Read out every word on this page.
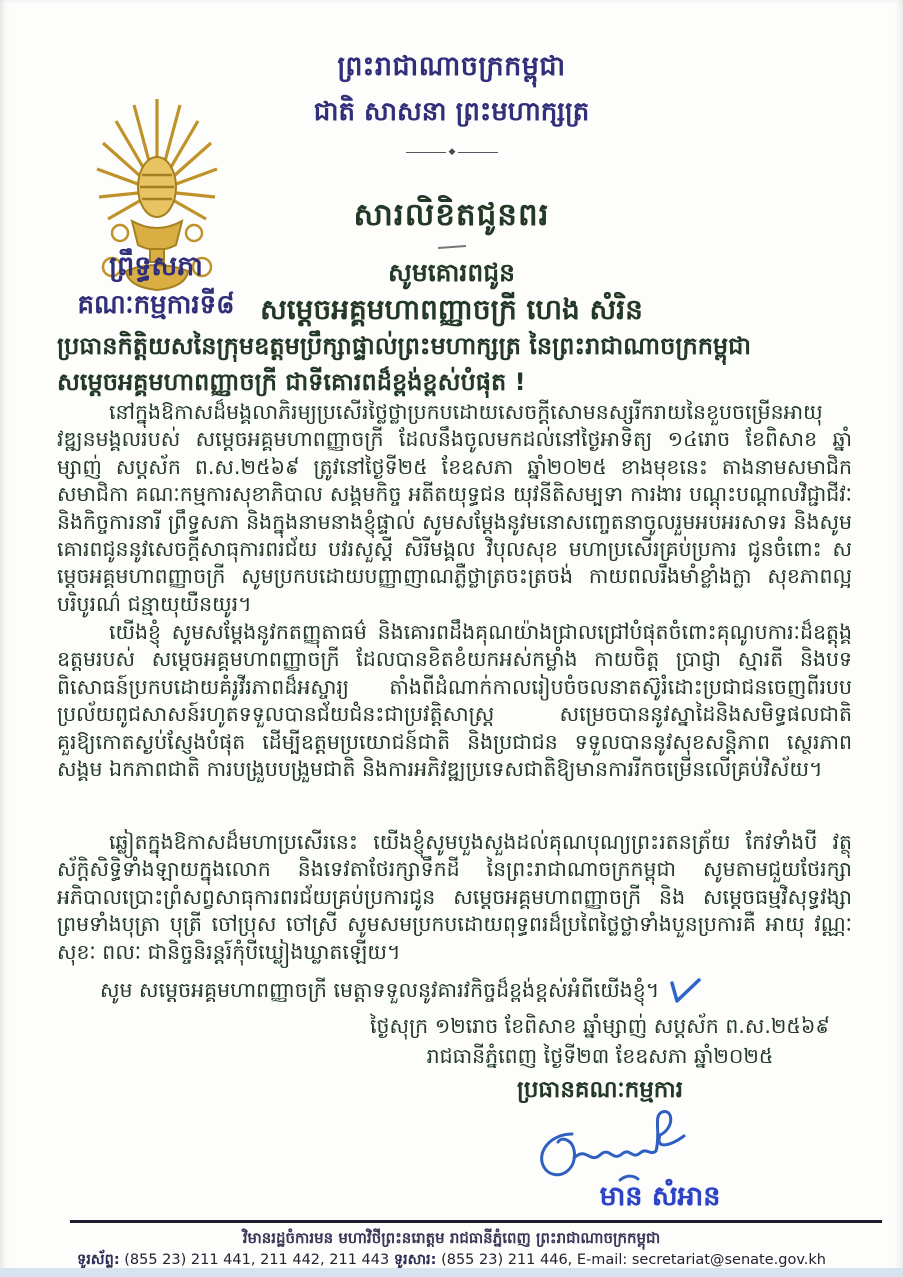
ព្រះរាជាណាចក្រកម្ពុជា
ជាតិ សាសនា ព្រះមហាក្សត្រ
◆
ព្រឹទ្ធសភា
គណៈកម្មការទី៨
សារលិខិតជូនពរ
សូមគោរពជូន
សម្តេចអគ្គមហាពញ្ញាចក្រី ហេង សំរិន
ប្រធានកិត្តិយសនៃក្រុមឧត្តមប្រឹក្សាផ្ទាល់ព្រះមហាក្សត្រ នៃព្រះរាជាណាចក្រកម្ពុជា
សម្តេចអគ្គមហាពញ្ញាចក្រី ជាទីគោរពដ៏ខ្ពង់ខ្ពស់បំផុត !
នៅក្នុងឱកាសដ៏មង្គលាភិរម្យប្រសើរថ្លៃថ្លាប្រកបដោយសេចក្តីសោមនស្សរីករាយនៃខួបចម្រើនអាយុវឌ្ឍនមង្គលរបស់ សម្តេចអគ្គមហាពញ្ញាចក្រី ដែលនឹងចូលមកដល់នៅថ្ងៃអាទិត្យ ១៤រោច ខែពិសាខ ឆ្នាំម្សាញ់ សប្តស័ក ព.ស.២៥៦៩ ត្រូវនៅថ្ងៃទី២៥ ខែឧសភា ឆ្នាំ២០២៥ ខាងមុខនេះ តាងនាមសមាជិក សមាជិកា គណៈកម្មការសុខាភិបាល សង្គមកិច្ច អតីតយុទ្ធជន យុវនីតិសម្បទា ការងារ បណ្តុះបណ្តាលវិជ្ជាជីវៈ និងកិច្ចការនារី ព្រឹទ្ធសភា និងក្នុងនាមនាងខ្ញុំផ្ទាល់ សូមសម្តែងនូវមនោសញ្ចេតនាចូលរួមអបអរសាទរ និងសូមគោរពជូននូវសេចក្តីសាធុការពរជ័យ បវរសួស្តី សិរីមង្គល វិបុលសុខ មហាប្រសើរគ្រប់ប្រការ ជូនចំពោះ សម្តេចអគ្គមហាពញ្ញាចក្រី សូមប្រកបដោយបញ្ញាញាណភ្លឺថ្លាត្រចះត្រចង់ កាយពលរឹងមាំខ្លាំងក្លា សុខភាពល្អបរិបូរណ៌ ជន្មាយុយឺនយូរ។
យើងខ្ញុំ សូមសម្តែងនូវកតញ្ញុតាធម៌ និងគោរពដឹងគុណយ៉ាងជ្រាលជ្រៅបំផុតចំពោះគុណូបការៈដ៏ឧត្តុង្គឧត្តមរបស់ សម្តេចអគ្គមហាពញ្ញាចក្រី ដែលបានខិតខំយកអស់កម្លាំង កាយចិត្ត ប្រាជ្ញា ស្មារតី និងបទពិសោធន៍ប្រកបដោយគំរូវីរភាពដ៏អស្ចារ្យ តាំងពីដំណាក់កាលរៀបចំចលនាតស៊ូរំដោះប្រជាជនចេញពីរបបប្រល័យពូជសាសន៍រហូតទទួលបានជ័យជំនះជាប្រវត្តិសាស្រ្ត សម្រេចបាននូវស្នាដៃនិងសមិទ្ធផលជាតិគួរឱ្យកោតស្ងប់ស្ញែងបំផុត ដើម្បីឧត្តមប្រយោជន៍ជាតិ និងប្រជាជន ទទួលបាននូវសុខសន្តិភាព ស្ថេរភាពសង្គម ឯកភាពជាតិ ការបង្រួបបង្រួមជាតិ និងការអភិវឌ្ឍប្រទេសជាតិឱ្យមានការរីកចម្រើនលើគ្រប់វិស័យ។
ឆ្លៀតក្នុងឱកាសដ៏មហាប្រសើរនេះ យើងខ្ញុំសូមបួងសួងដល់គុណបុណ្យព្រះរតនត្រ័យ កែវទាំងបី វត្ថុស័ក្តិសិទ្ធិទាំងឡាយក្នុងលោក និងទេវតាថែរក្សាទឹកដី នៃព្រះរាជាណាចក្រកម្ពុជា សូមតាមជួយថែរក្សាអភិបាលប្រោះព្រំសព្វសាធុការពរជ័យគ្រប់ប្រការជូន សម្តេចអគ្គមហាពញ្ញាចក្រី និង សម្តេចធម្មវិសុទ្ធវង្សា ព្រមទាំងបុត្រា បុត្រី ចៅប្រុស ចៅស្រី សូមសមប្រកបដោយពុទ្ធពរដ៏ប្រពៃថ្លៃថ្លាទាំងបួនប្រការគឺ អាយុ វណ្ណៈ សុខៈ ពលៈ ជានិច្ចនិរន្តរ៍កុំបីឃ្លៀងឃ្លាតឡើយ។
សូម សម្តេចអគ្គមហាពញ្ញាចក្រី មេត្តាទទួលនូវគារវកិច្ចដ៏ខ្ពង់ខ្ពស់អំពីយើងខ្ញុំ។
ថ្ងៃសុក្រ ១២រោច ខែពិសាខ ឆ្នាំម្សាញ់ សប្តស័ក ព.ស.២៥៦៩
រាជធានីភ្នំពេញ ថ្ងៃទី២៣ ខែឧសភា ឆ្នាំ២០២៥
ប្រធានគណៈកម្មការ
មាន​ សំអាន
វិមានរដ្ឋចំការមន មហាវិថីព្រះនរោត្តម រាជធានីភ្នំពេញ ព្រះរាជាណាចក្រកម្ពុជា
ទូរស័ព្ទ: (855 23) 211 441, 211 442, 211 443 ទូរសារ: (855 23) 211 446, E-mail: secretariat@senate.gov.kh
